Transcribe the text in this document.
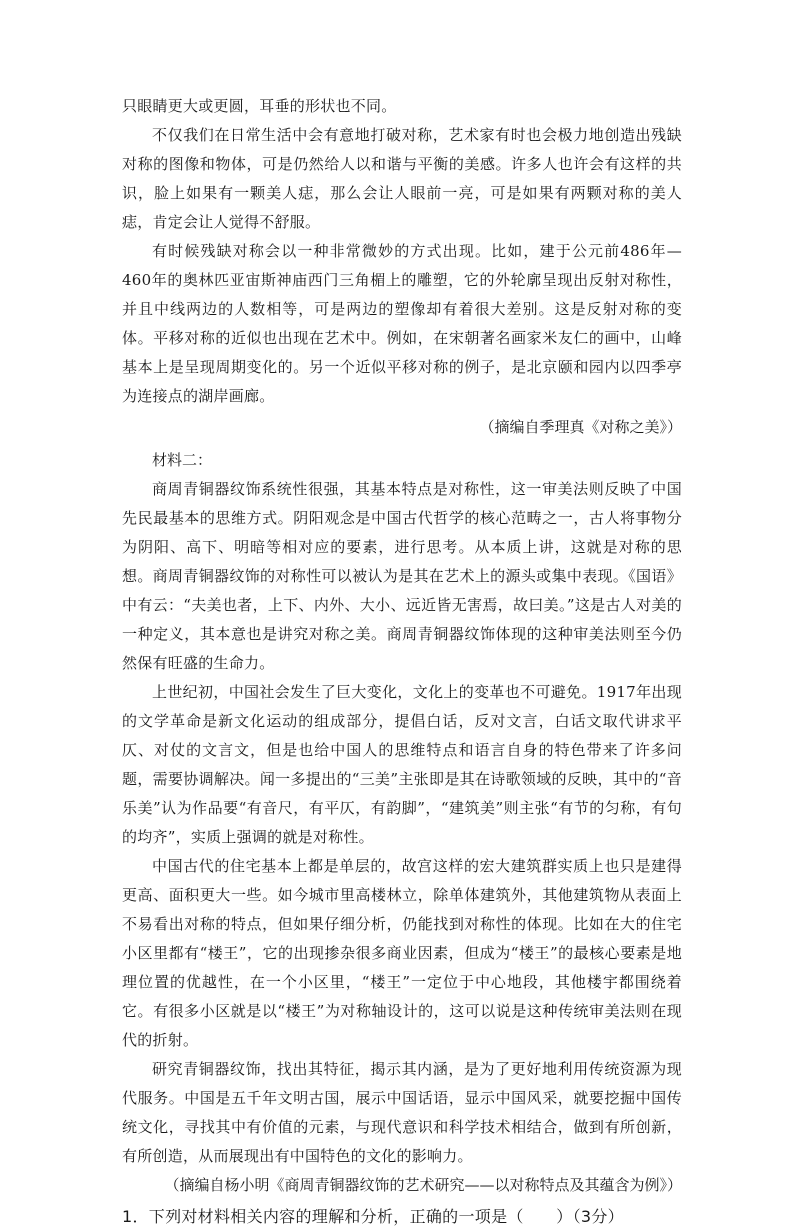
只眼睛更大或更圆，耳垂的形状也不同。

不仅我们在日常生活中会有意地打破对称，艺术家有时也会极力地创造出残缺对称的图像和物体，可是仍然给人以和谐与平衡的美感。许多人也许会有这样的共识，脸上如果有一颗美人痣，那么会让人眼前一亮，可是如果有两颗对称的美人痣，肯定会让人觉得不舒服。

有时候残缺对称会以一种非常微妙的方式出现。比如，建于公元前486年—460年的奥林匹亚宙斯神庙西门三角楣上的雕塑，它的外轮廓呈现出反射对称性，并且中线两边的人数相等，可是两边的塑像却有着很大差别。这是反射对称的变体。平移对称的近似也出现在艺术中。例如，在宋朝著名画家米友仁的画中，山峰基本上是呈现周期变化的。另一个近似平移对称的例子，是北京颐和园内以四季亭为连接点的湖岸画廊。

（摘编自季理真《对称之美》）

材料二：

商周青铜器纹饰系统性很强，其基本特点是对称性，这一审美法则反映了中国先民最基本的思维方式。阴阳观念是中国古代哲学的核心范畴之一，古人将事物分为阴阳、高下、明暗等相对应的要素，进行思考。从本质上讲，这就是对称的思想。商周青铜器纹饰的对称性可以被认为是其在艺术上的源头或集中表现。《国语》中有云：“夫美也者，上下、内外、大小、远近皆无害焉，故曰美。”这是古人对美的一种定义，其本意也是讲究对称之美。商周青铜器纹饰体现的这种审美法则至今仍然保有旺盛的生命力。

上世纪初，中国社会发生了巨大变化，文化上的变革也不可避免。1917年出现的文学革命是新文化运动的组成部分，提倡白话，反对文言，白话文取代讲求平仄、对仗的文言文，但是也给中国人的思维特点和语言自身的特色带来了许多问题，需要协调解决。闻一多提出的“三美”主张即是其在诗歌领域的反映，其中的“音乐美”认为作品要“有音尺，有平仄，有韵脚”，“建筑美”则主张“有节的匀称，有句的均齐”，实质上强调的就是对称性。

中国古代的住宅基本上都是单层的，故宫这样的宏大建筑群实质上也只是建得更高、面积更大一些。如今城市里高楼林立，除单体建筑外，其他建筑物从表面上不易看出对称的特点，但如果仔细分析，仍能找到对称性的体现。比如在大的住宅小区里都有“楼王”，它的出现掺杂很多商业因素，但成为“楼王”的最核心要素是地理位置的优越性，在一个小区里，“楼王”一定位于中心地段，其他楼宇都围绕着它。有很多小区就是以“楼王”为对称轴设计的，这可以说是这种传统审美法则在现代的折射。

研究青铜器纹饰，找出其特征，揭示其内涵，是为了更好地利用传统资源为现代服务。中国是五千年文明古国，展示中国话语，显示中国风采，就要挖掘中国传统文化，寻找其中有价值的元素，与现代意识和科学技术相结合，做到有所创新，有所创造，从而展现出有中国特色的文化的影响力。

（摘编自杨小明《商周青铜器纹饰的艺术研究——以对称特点及其蕴含为例》）

1．下列对材料相关内容的理解和分析，正确的一项是（　　）（3分）
